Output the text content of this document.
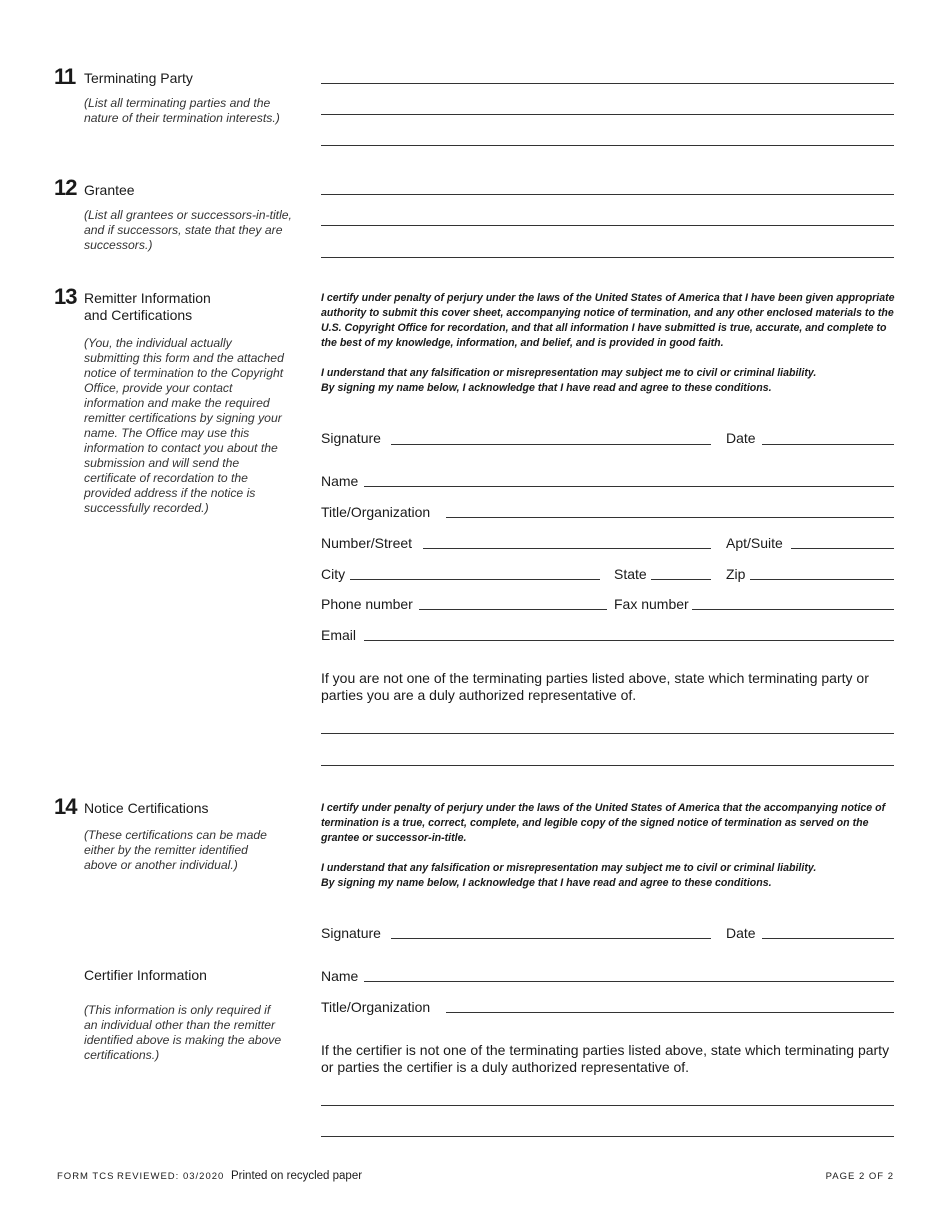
11 Terminating Party
(List all terminating parties and the nature of their termination interests.)
12 Grantee
(List all grantees or successors-in-title, and if successors, state that they are successors.)
13 Remitter Information
and Certifications
(You, the individual actually submitting this form and the attached notice of termination to the Copyright Office, provide your contact information and make the required remitter certifications by signing your name. The Office may use this information to contact you about the submission and will send the certificate of recordation to the provided address if the notice is successfully recorded.)

I certify under penalty of perjury under the laws of the United States of America that I have been given appropriate authority to submit this cover sheet, accompanying notice of termination, and any other enclosed materials to the U.S. Copyright Office for recordation, and that all information I have submitted is true, accurate, and complete to the best of my knowledge, information, and belief, and is provided in good faith.

I understand that any falsification or misrepresentation may subject me to civil or criminal liability.

By signing my name below, I acknowledge that I have read and agree to these conditions.

Signature	Date
Name
Title/Organization
Number/Street	Apt/Suite
City	State	Zip
Phone number	Fax number
Email
If you are not one of the terminating parties listed above, state which terminating party or parties you are a duly authorized representative of.
14 Notice Certifications
(These certifications can be made either by the remitter identified above or another individual.)

I certify under penalty of perjury under the laws of the United States of America that the accompanying notice of termination is a true, correct, complete, and legible copy of the signed notice of termination as served on the grantee or successor-in-title.

I understand that any falsification or misrepresentation may subject me to civil or criminal liability.

By signing my name below, I acknowledge that I have read and agree to these conditions.

Signature	Date
Certifier Information
(This information is only required if an individual other than the remitter identified above is making the above certifications.)
Name
Title/Organization
If the certifier is not one of the terminating parties listed above, state which terminating party or parties the certifier is a duly authorized representative of.
FORM TCS REVIEWED: 03/2020 Printed on recycled paper	PAGE 2 OF 2
